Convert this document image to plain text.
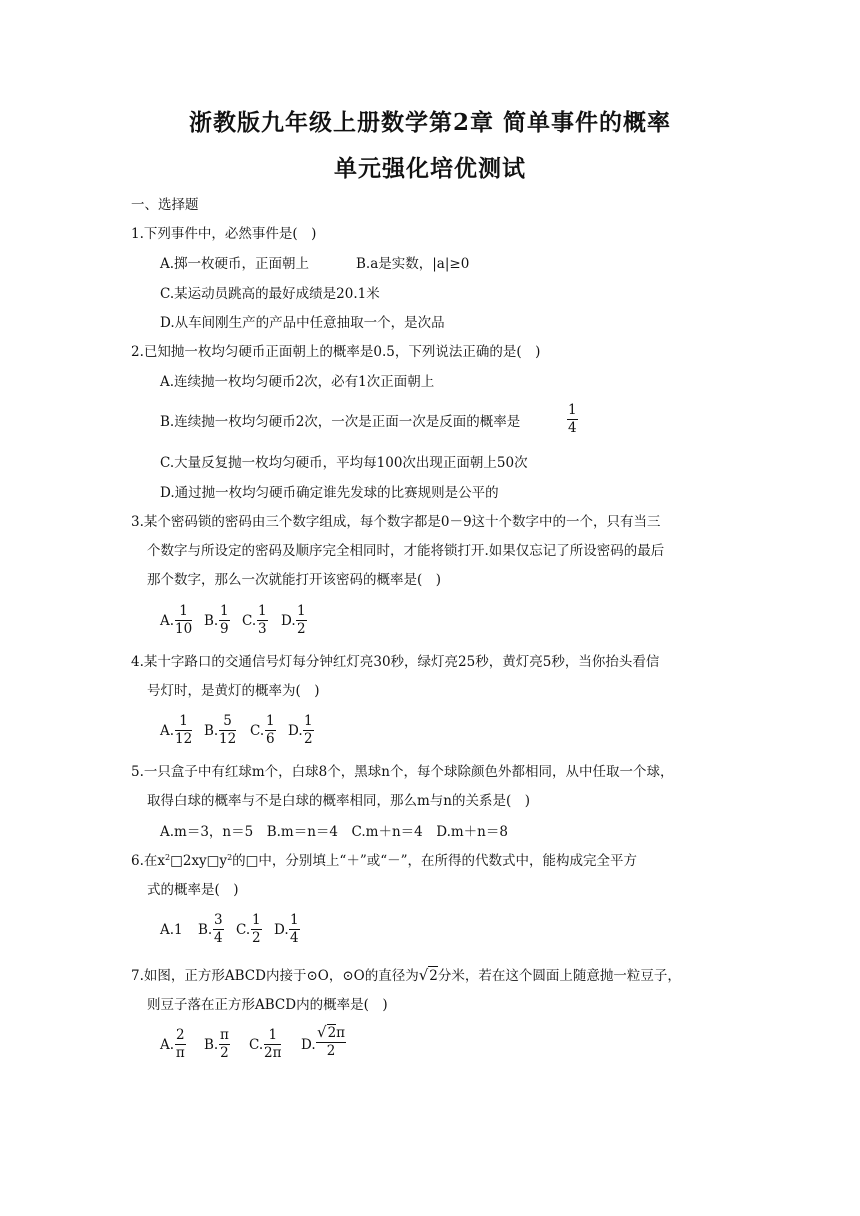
浙教版九年级上册数学第2章 简单事件的概率
单元强化培优测试
一、选择题
1.下列事件中，必然事件是(　)
A.掷一枚硬币，正面朝上	B.a是实数，|a|≥0
C.某运动员跳高的最好成绩是20.1米
D.从车间刚生产的产品中任意抽取一个，是次品
2.已知抛一枚均匀硬币正面朝上的概率是0.5，下列说法正确的是(　)
A.连续抛一枚均匀硬币2次，必有1次正面朝上
B.连续抛一枚均匀硬币2次，一次是正面一次是反面的概率是	$\frac{1}{4}$
C.大量反复抛一枚均匀硬币，平均每100次出现正面朝上50次
D.通过抛一枚均匀硬币确定谁先发球的比赛规则是公平的
3.某个密码锁的密码由三个数字组成，每个数字都是0－9这十个数字中的一个，只有当三
个数字与所设定的密码及顺序完全相同时，才能将锁打开.如果仅忘记了所设密码的最后
那个数字，那么一次就能打开该密码的概率是(　)
A. $\frac{1}{10} B$. $\frac{1}{9} C$. $\frac{1}{3} D$. $\frac{1}{2}$
4.某十字路口的交通信号灯每分钟红灯亮30秒，绿灯亮25秒，黄灯亮5秒，当你抬头看信
号灯时，是黄灯的概率为(　)
A. $\frac{1}{12} B$. $\frac{5}{12} C$. $\frac{1}{6} D$. $\frac{1}{2}$
5.一只盒子中有红球m个，白球8个，黑球n个，每个球除颜色外都相同，从中任取一个球，
取得白球的概率与不是白球的概率相同，那么m与n的关系是(　)
A.m＝3，n＝5　B.m＝n＝4　C.m＋n＝4　D.m＋n＝8
6.在$x^2□2xy□y^2$的□中，分别填上“＋”或“－”，在所得的代数式中，能构成完全平方
式的概率是(　)
A.1 B. $\frac{3}{4} C$. $\frac{1}{2} D$. $\frac{1}{4}$
7.如图，正方形ABCD内接于⊙O，⊙O的直径为√2分米，若在这个圆面上随意抛一粒豆子，
则豆子落在正方形ABCD内的概率是(　)
A. $\frac{2}{\pi} B$. $\frac{\pi}{2} C$. $\frac{1}{2\pi} D$. $\frac{√2\pi}{2}$
